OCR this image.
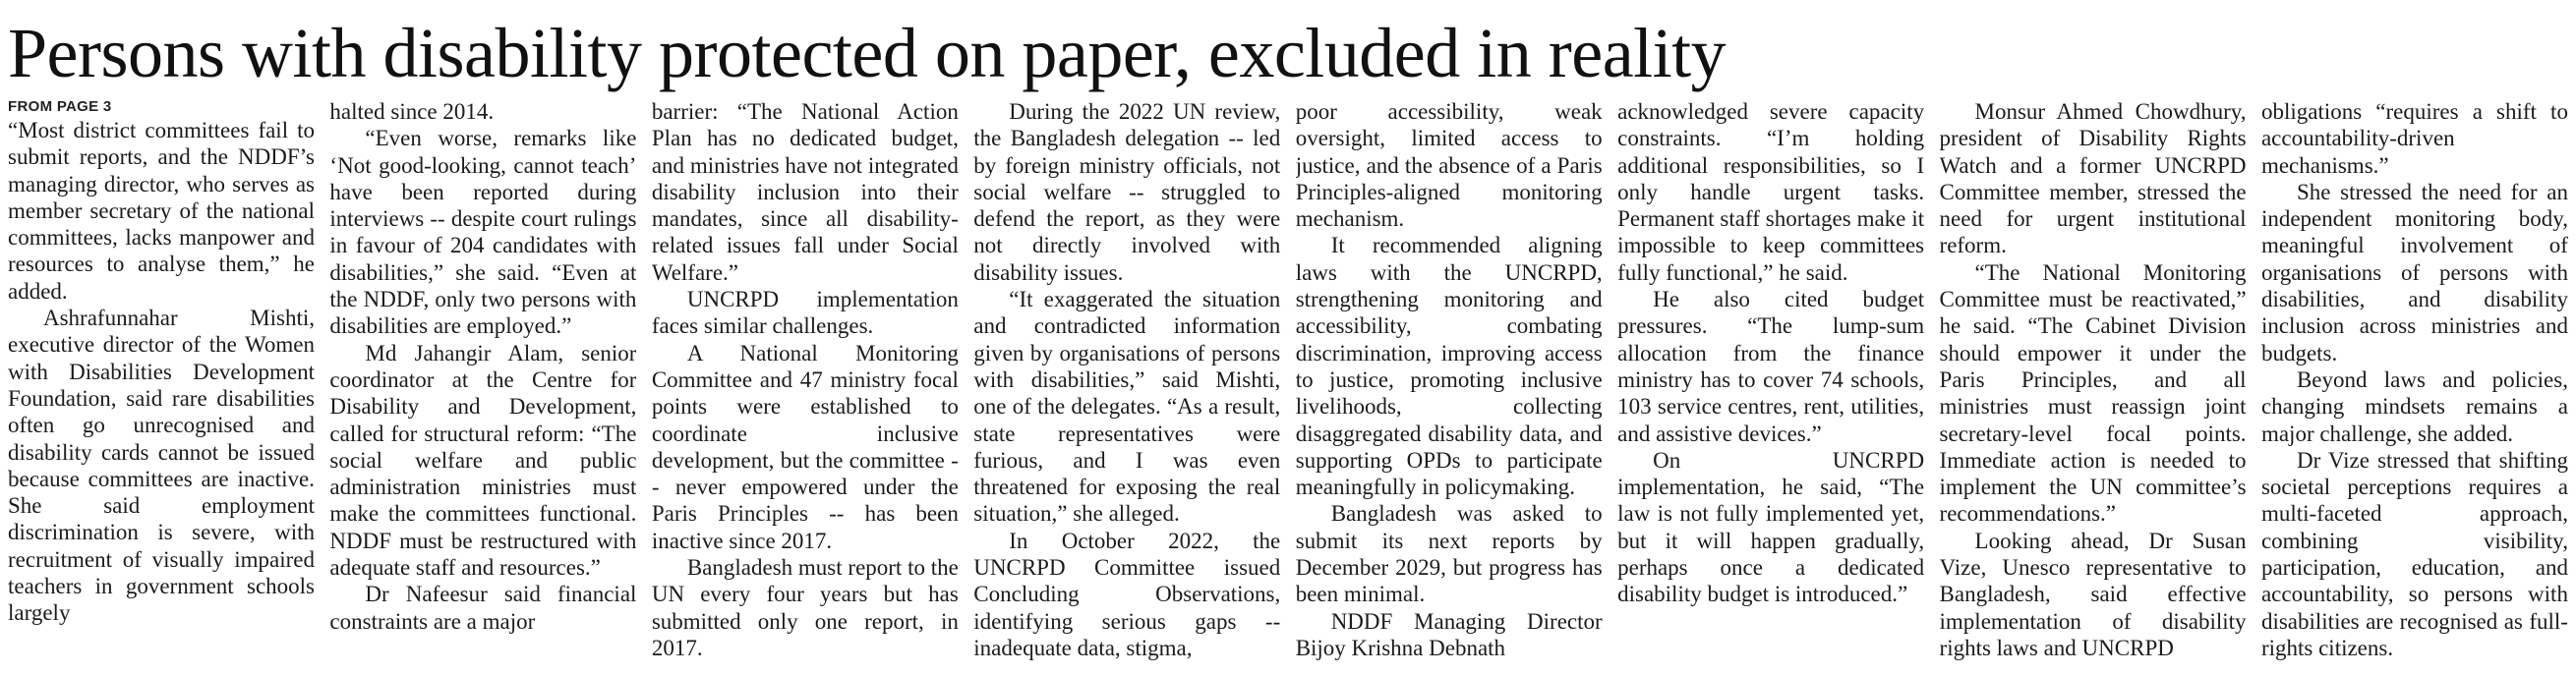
Persons with disability protected on paper, excluded in reality
FROM PAGE 3

“Most district committees fail to submit reports, and the NDDF’s managing director, who serves as member secretary of the national committees, lacks manpower and resources to analyse them,” he added.

Ashrafunnahar Mishti, executive director of the Women with Disabilities Development Foundation, said rare disabilities often go unrecognised and disability cards cannot be issued because committees are inactive. She said employment discrimination is severe, with recruitment of visually impaired teachers in government schools largely

halted since 2014.

“Even worse, remarks like ‘Not good-looking, cannot teach’ have been reported during interviews -- despite court rulings in favour of 204 candidates with disabilities,” she said. “Even at the NDDF, only two persons with disabilities are employed.”

Md Jahangir Alam, senior coordinator at the Centre for Disability and Development, called for structural reform: “The social welfare and public administration ministries must make the committees functional. NDDF must be restructured with adequate staff and resources.”

Dr Nafeesur said financial constraints are a major

barrier: “The National Action Plan has no dedicated budget, and ministries have not integrated disability inclusion into their mandates, since all disability-related issues fall under Social Welfare.”

UNCRPD implementation faces similar challenges.

A National Monitoring Committee and 47 ministry focal points were established to coordinate inclusive development, but the committee -- never empowered under the Paris Principles -- has been inactive since 2017.

Bangladesh must report to the UN every four years but has submitted only one report, in 2017.

During the 2022 UN review, the Bangladesh delegation -- led by foreign ministry officials, not social welfare -- struggled to defend the report, as they were not directly involved with disability issues.

“It exaggerated the situation and contradicted information given by organisations of persons with disabilities,” said Mishti, one of the delegates. “As a result, state representatives were furious, and I was even threatened for exposing the real situation,” she alleged.

In October 2022, the UNCRPD Committee issued Concluding Observations, identifying serious gaps -- inadequate data, stigma,

poor accessibility, weak oversight, limited access to justice, and the absence of a Paris Principles-aligned monitoring mechanism.

It recommended aligning laws with the UNCRPD, strengthening monitoring and accessibility, combating discrimination, improving access to justice, promoting inclusive livelihoods, collecting disaggregated disability data, and supporting OPDs to participate meaningfully in policymaking.

Bangladesh was asked to submit its next reports by December 2029, but progress has been minimal.

NDDF Managing Director Bijoy Krishna Debnath

acknowledged severe capacity constraints. “I’m holding additional responsibilities, so I only handle urgent tasks. Permanent staff shortages make it impossible to keep committees fully functional,” he said.

He also cited budget pressures. “The lump-sum allocation from the finance ministry has to cover 74 schools, 103 service centres, rent, utilities, and assistive devices.”

On UNCRPD implementation, he said, “The law is not fully implemented yet, but it will happen gradually, perhaps once a dedicated disability budget is introduced.”

Monsur Ahmed Chowdhury, president of Disability Rights Watch and a former UNCRPD Committee member, stressed the need for urgent institutional reform.

“The National Monitoring Committee must be reactivated,” he said. “The Cabinet Division should empower it under the Paris Principles, and all ministries must reassign joint secretary-level focal points. Immediate action is needed to implement the UN committee’s recommendations.”

Looking ahead, Dr Susan Vize, Unesco representative to Bangladesh, said effective implementation of disability rights laws and UNCRPD

obligations “requires a shift to accountability-driven mechanisms.”

She stressed the need for an independent monitoring body, meaningful involvement of organisations of persons with disabilities, and disability inclusion across ministries and budgets.

Beyond laws and policies, changing mindsets remains a major challenge, she added.

Dr Vize stressed that shifting societal perceptions requires a multi-faceted approach, combining visibility, participation, education, and accountability, so persons with disabilities are recognised as full-rights citizens.
